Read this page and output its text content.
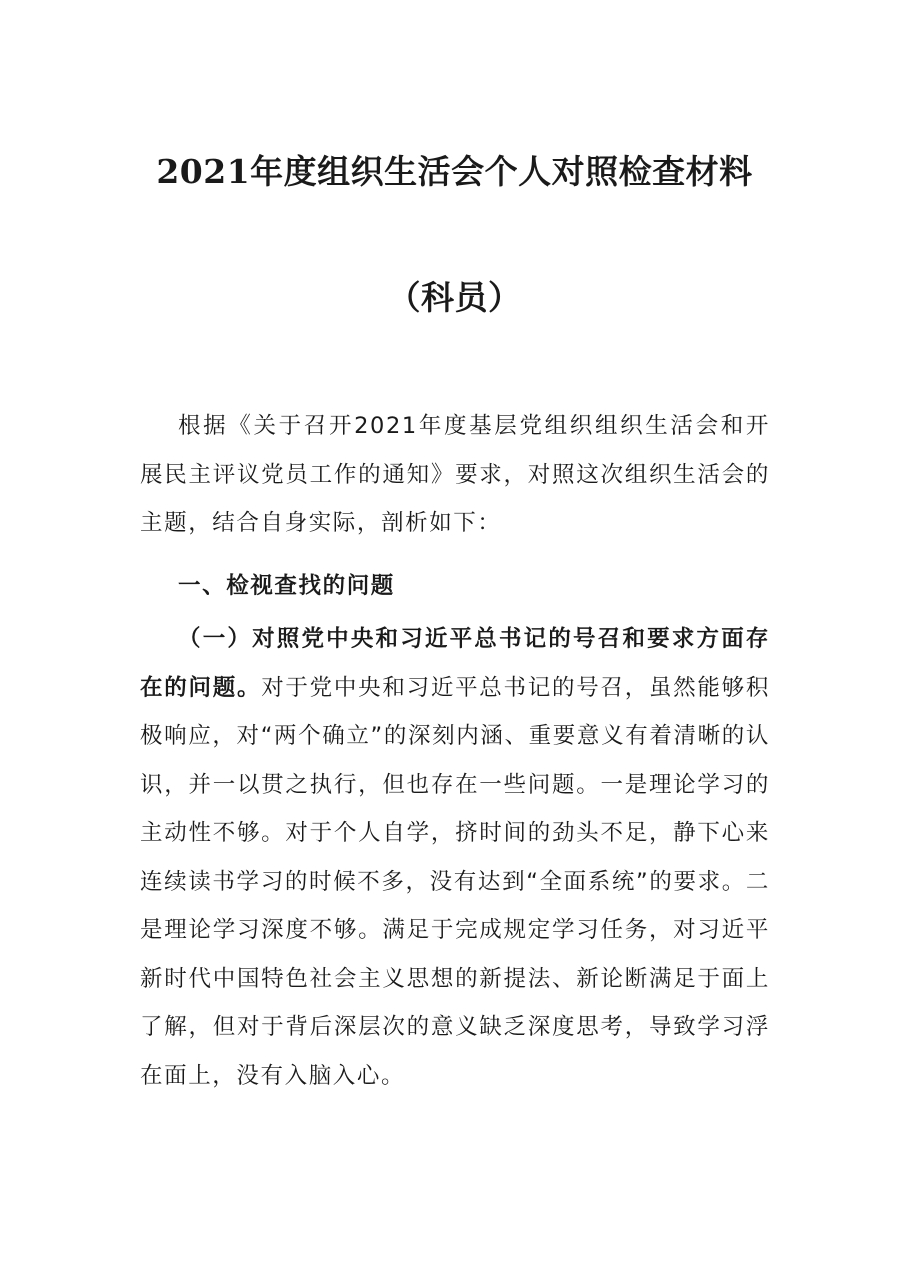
2021年度组织生活会个人对照检查材料
（科员）

根据《关于召开2021年度基层党组织组织生活会和开展民主评议党员工作的通知》要求，对照这次组织生活会的主题，结合自身实际，剖析如下：

一、检视查找的问题

（一）对照党中央和习近平总书记的号召和要求方面存在的问题。对于党中央和习近平总书记的号召，虽然能够积极响应，对“两个确立”的深刻内涵、重要意义有着清晰的认识，并一以贯之执行，但也存在一些问题。一是理论学习的主动性不够。对于个人自学，挤时间的劲头不足，静下心来连续读书学习的时候不多，没有达到“全面系统”的要求。二是理论学习深度不够。满足于完成规定学习任务，对习近平新时代中国特色社会主义思想的新提法、新论断满足于面上了解，但对于背后深层次的意义缺乏深度思考，导致学习浮在面上，没有入脑入心。
